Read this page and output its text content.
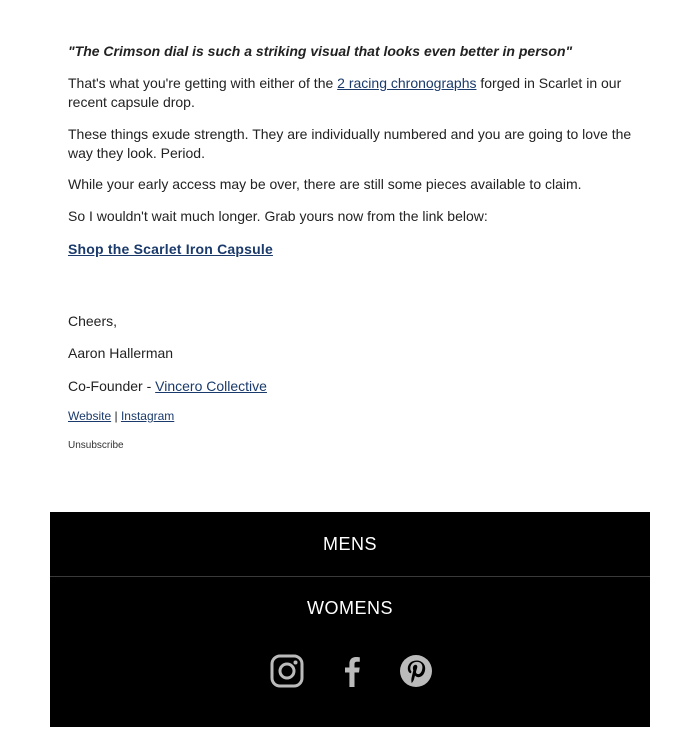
"The Crimson dial is such a striking visual that looks even better in person"

That's what you're getting with either of the 2 racing chronographs forged in Scarlet in our recent capsule drop.

These things exude strength. They are individually numbered and you are going to love the way they look. Period.

While your early access may be over, there are still some pieces available to claim.

So I wouldn't wait much longer. Grab yours now from the link below:

Shop the Scarlet Iron Capsule

Cheers,

Aaron Hallerman

Co-Founder - Vincero Collective

Website | Instagram

Unsubscribe

MENS
WOMENS
